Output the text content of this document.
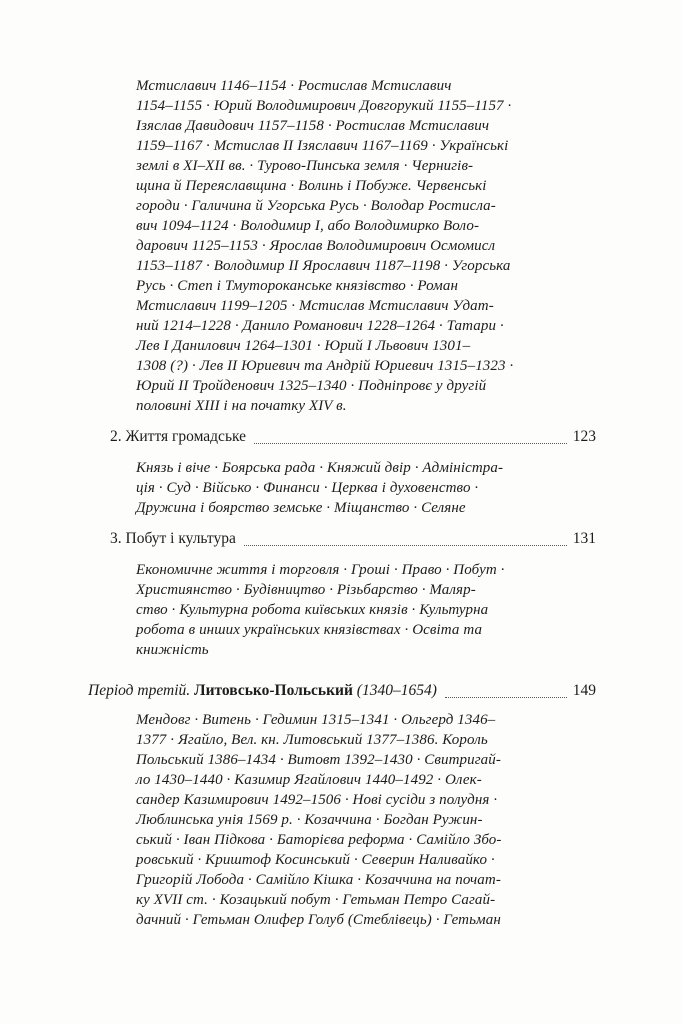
Мстиславич 1146–1154 · Ростислав Мстиславич
1154–1155 · Юрий Володимирович Довгорукий 1155–1157 ·
Ізяслав Давидович 1157–1158 · Ростислав Мстиславич
1159–1167 · Мстислав II Ізяславич 1167–1169 · Українські
землі в XI–XII вв. · Турово-Пинська земля · Чернигів-
щина й Переяславщина · Волинь і Побуже. Червенські
городи · Галичина й Угорська Русь · Володар Ростисла-
вич 1094–1124 · Володимир I, або Володимирко Воло-
дарович 1125–1153 · Ярослав Володимирович Осмомисл
1153–1187 · Володимир II Ярославич 1187–1198 · Угорська
Русь · Степ і Тмутороканське князівство · Роман
Мстиславич 1199–1205 · Мстислав Мстиславич Удат-
ний 1214–1228 · Данило Романович 1228–1264 · Татари ·
Лев I Данилович 1264–1301 · Юрий I Львович 1301–
1308 (?) · Лев II Юриевич та Андрій Юриевич 1315–1323 ·
Юрий II Тройденович 1325–1340 · Подніпровє у другій
половині XIII і на початку XIV в.
2. Життя громадське	123
Князь і віче · Боярська рада · Княжий двір · Адміністра-
ція · Суд · Військо · Финанси · Церква і духовенство ·
Дружина і боярство земське · Міщанство · Селяне
3. Побут і культура	131
Економичне життя і торговля · Гроші · Право · Побут ·
Християнство · Будівництво · Різьбарство · Маляр-
ство · Культурна робота київських князів · Культурна
робота в инших українських князівствах · Освіта та
книжність
Період третій. Литовсько-Польський (1340–1654)	149
Мендовг · Витень · Гедимин 1315–1341 · Ольгерд 1346–
1377 · Ягайло, Вел. кн. Литовський 1377–1386. Король
Польський 1386–1434 · Витовт 1392–1430 · Свитригай-
ло 1430–1440 · Казимир Ягайлович 1440–1492 · Олек-
сандер Казимирович 1492–1506 · Нові сусіди з полудня ·
Люблинська унія 1569 р. · Козаччина · Богдан Ружин-
ський · Іван Підкова · Баторієва реформа · Самійло Збо-
ровський · Криштоф Косинський · Северин Наливайко ·
Григорій Лобода · Самійло Кішка · Козаччина на почат-
ку XVII ст. · Козацький побут · Гетьман Петро Сагай-
дачний · Гетьман Олифер Голуб (Стеблівець) · Гетьман
